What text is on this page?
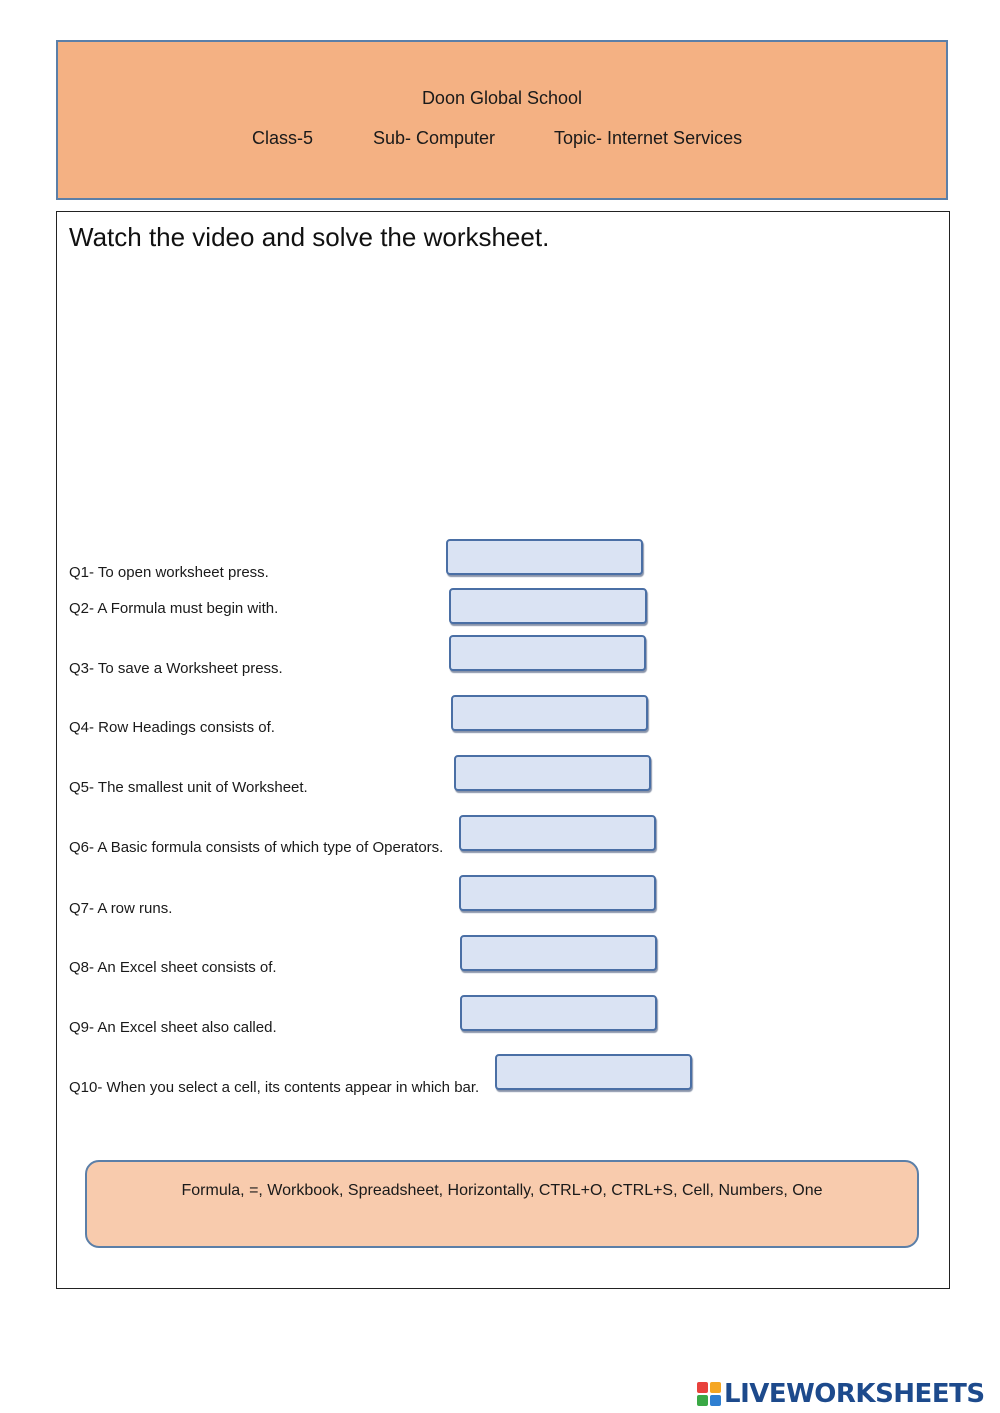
Doon Global School
Class-5	Sub- Computer	Topic- Internet Services
Watch the video and solve the worksheet.
Q1- To open worksheet press.
Q2- A Formula must begin with.
Q3- To save a Worksheet press.
Q4- Row Headings consists of.
Q5- The smallest unit of Worksheet.
Q6- A Basic formula consists of which type of Operators.
Q7- A row runs.
Q8- An Excel sheet consists of.
Q9- An Excel sheet also called.
Q10- When you select a cell, its contents appear in which bar.
Formula, =, Workbook, Spreadsheet, Horizontally, CTRL+O, CTRL+S, Cell, Numbers, One
LIVEWORKSHEETS
